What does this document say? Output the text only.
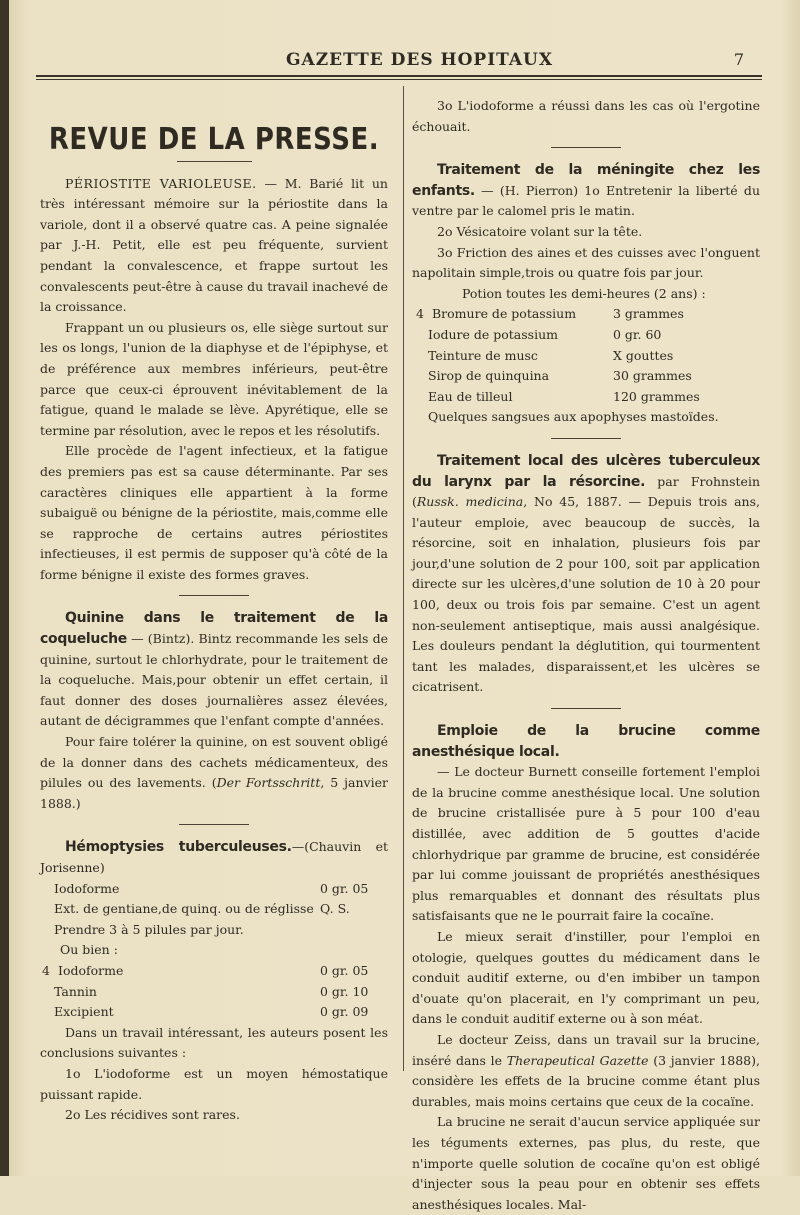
GAZETTE DES HOPITAUX	7
REVUE DE LA PRESSE.

PÉRIOSTITE VARIOLEUSE. — M. Barié lit un très intéressant mémoire sur la périostite dans la variole, dont il a observé quatre cas. A peine signalée par J.-H. Petit, elle est peu fréquente, survient pendant la convalescence, et frappe surtout les convalescents peut-être à cause du travail inachevé de la croissance.

Frappant un ou plusieurs os, elle siège surtout sur les os longs, l'union de la diaphyse et de l'épiphyse, et de préférence aux membres inférieurs, peut-être parce que ceux-ci éprouvent inévitablement de la fatigue, quand le malade se lève. Apyrétique, elle se termine par résolution, avec le repos et les résolutifs.

Elle procède de l'agent infectieux, et la fatigue des premiers pas est sa cause déterminante. Par ses caractères cliniques elle appartient à la forme subaiguë ou bénigne de la périostite, mais,comme elle se rapproche de certains autres périostites infectieuses, il est permis de supposer qu'à côté de la forme bénigne il existe des formes graves.

Quinine dans le traitement de la coqueluche — (Bintz). Bintz recommande les sels de quinine, surtout le chlorhydrate, pour le traitement de la coqueluche. Mais,pour obtenir un effet certain, il faut donner des doses journalières assez élevées, autant de décigrammes que l'enfant compte d'années.

Pour faire tolérer la quinine, on est souvent obligé de la donner dans des cachets médicamenteux, des pilules ou des lavements. (Der Fortsschritt, 5 janvier 1888.)

Hémoptysies tuberculeuses.—(Chauvin et Jorisenne)

Iodoforme	0 gr. 05
Ext. de gentiane,de quinq. ou de réglisse Q. S.
Prendre 3 à 5 pilules par jour.
Ou bien :
4 Iodoforme	0 gr. 05
Tannin	0 gr. 10
Excipient	0 gr. 09

Dans un travail intéressant, les auteurs posent les conclusions suivantes :

1o L'iodoforme est un moyen hémostatique puissant rapide.

2o Les récidives sont rares.

3o L'iodoforme a réussi dans les cas où l'ergotine échouait.

Traitement de la méningite chez les enfants. — (H. Pierron) 1o Entretenir la liberté du ventre par le calomel pris le matin.

2o Vésicatoire volant sur la tête.

3o Friction des aines et des cuisses avec l'onguent napolitain simple,trois ou quatre fois par jour.

Potion toutes les demi-heures (2 ans) :

4 Bromure de potassium	3 grammes
Iodure de potassium	0 gr. 60
Teinture de musc	X gouttes
Sirop de quinquina	30 grammes
Eau de tilleul	120 grammes
Quelques sangsues aux apophyses mastoïdes.

Traitement local des ulcères tuberculeux du larynx par la résorcine. par Frohnstein (Russk. medicina, No 45, 1887. — Depuis trois ans, l'auteur emploie, avec beaucoup de succès, la résorcine, soit en inhalation, plusieurs fois par jour,d'une solution de 2 pour 100, soit par application directe sur les ulcères,d'une solution de 10 à 20 pour 100, deux ou trois fois par semaine. C'est un agent non-seulement antiseptique, mais aussi analgésique. Les douleurs pendant la déglutition, qui tourmentent tant les malades, disparaissent,et les ulcères se cicatrisent.

Emploie de la brucine comme anesthésique local.

— Le docteur Burnett conseille fortement l'emploi de la brucine comme anesthésique local. Une solution de brucine cristallisée pure à 5 pour 100 d'eau distillée, avec addition de 5 gouttes d'acide chlorhydrique par gramme de brucine, est considérée par lui comme jouissant de propriétés anesthésiques plus remarquables et donnant des résultats plus satisfaisants que ne le pourrait faire la cocaïne.

Le mieux serait d'instiller, pour l'emploi en otologie, quelques gouttes du médicament dans le conduit auditif externe, ou d'en imbiber un tampon d'ouate qu'on placerait, en l'y comprimant un peu, dans le conduit auditif externe ou à son méat.

Le docteur Zeiss, dans un travail sur la brucine, inséré dans le Therapeutical Gazette (3 janvier 1888), considère les effets de la brucine comme étant plus durables, mais moins certains que ceux de la cocaïne.

La brucine ne serait d'aucun service appliquée sur les téguments externes, pas plus, du reste, que n'importe quelle solution de cocaïne qu'on est obligé d'injecter sous la peau pour en obtenir ses effets anesthésiques locales. Mal-
